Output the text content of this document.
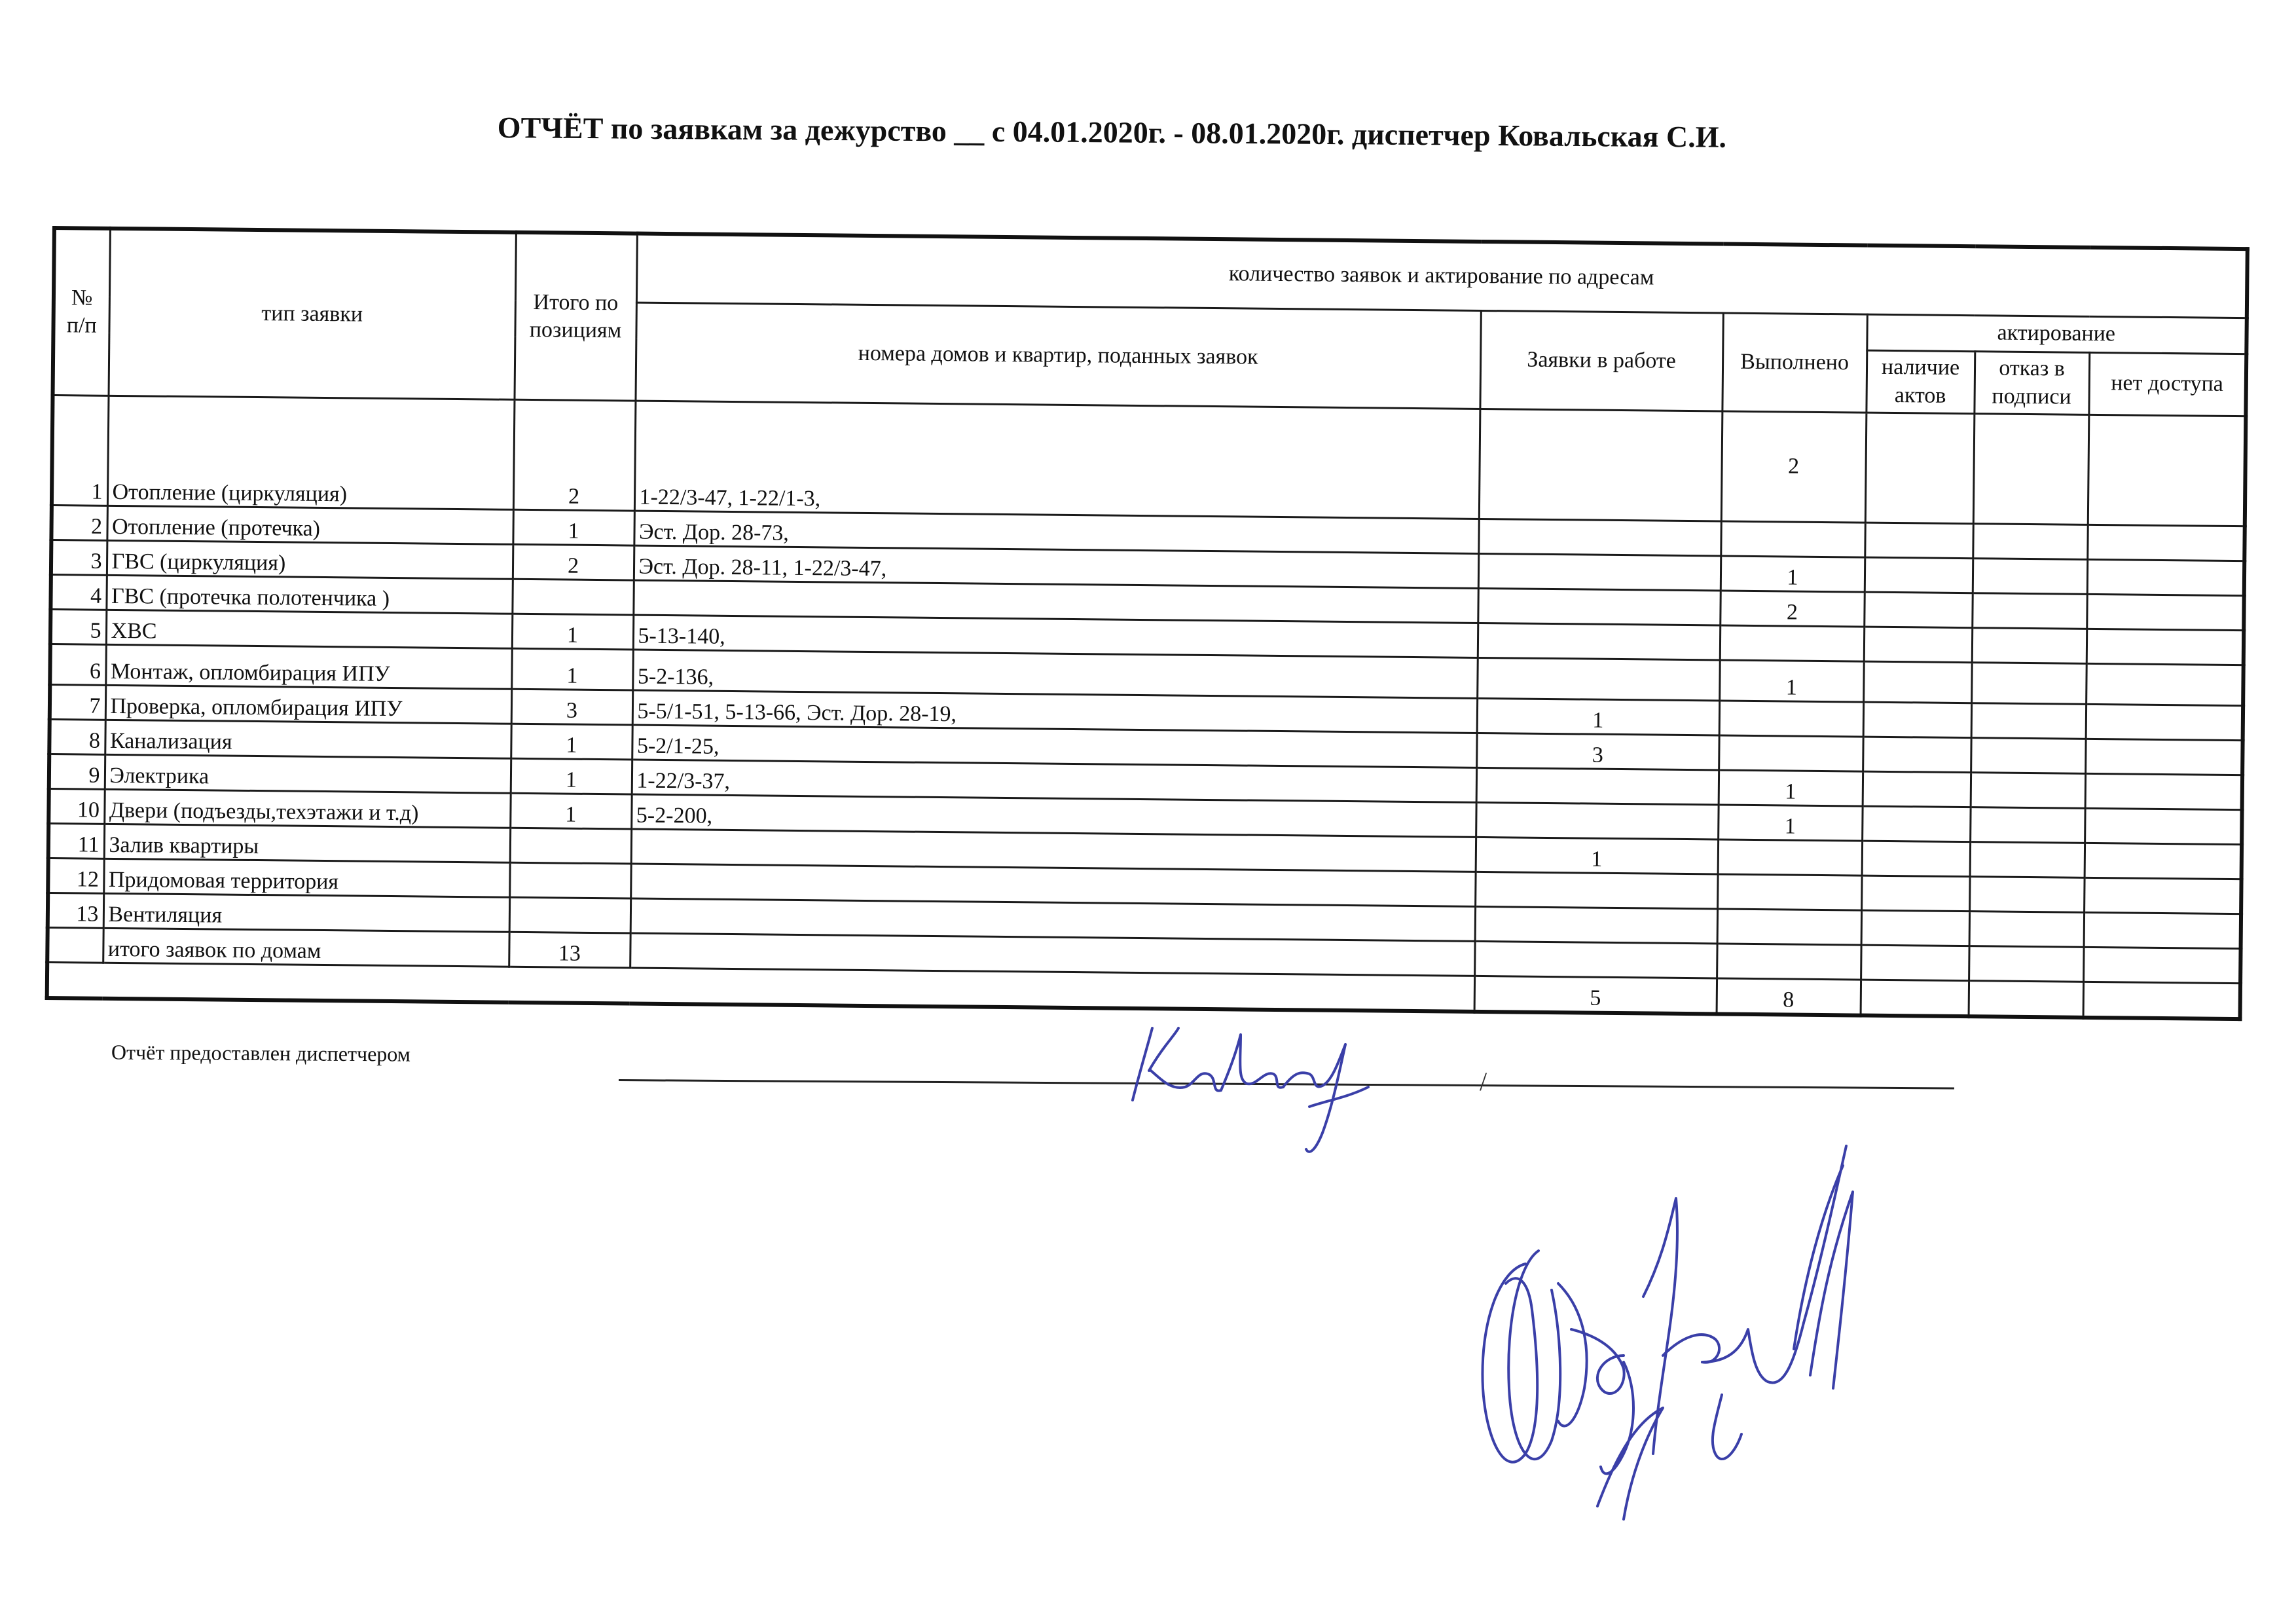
ОТЧЁТ по заявкам за дежурство __ с 04.01.2020г. - 08.01.2020г. диспетчер Ковальская С.И.
№ п/п	тип заявки	Итого по позициям	количество заявок и актирование по адресам					
			номера домов и квартир, поданных заявок	Заявки в работе	Выполнено	актирование		
						наличие актов	отказ в подписи	нет доступа
1	Отопление (циркуляция)	2	1-22/3-47, 1-22/1-3,		2			
2	Отопление (протечка)	1	Эст. Дор. 28-73,					
3	ГВС (циркуляция)	2	Эст. Дор. 28-11, 1-22/3-47,		1			
4	ГВС (протечка полотенчика )				2			
5	ХВС	1	5-13-140,					
6	Монтаж, опломбирация ИПУ	1	5-2-136,		1			
7	Проверка, опломбирация ИПУ	3	5-5/1-51, 5-13-66, Эст. Дор. 28-19,	1				
8	Канализация	1	5-2/1-25,	3				
9	Электрика	1	1-22/3-37,		1			
10	Двери (подъезды,техэтажи и т.д)	1	5-2-200,		1			
11	Залив квартиры			1				
12	Придомовая территория							
13	Вентиляция							
	итого заявок по домам	13						
				5	8			
Отчёт предоставлен диспетчером
/
